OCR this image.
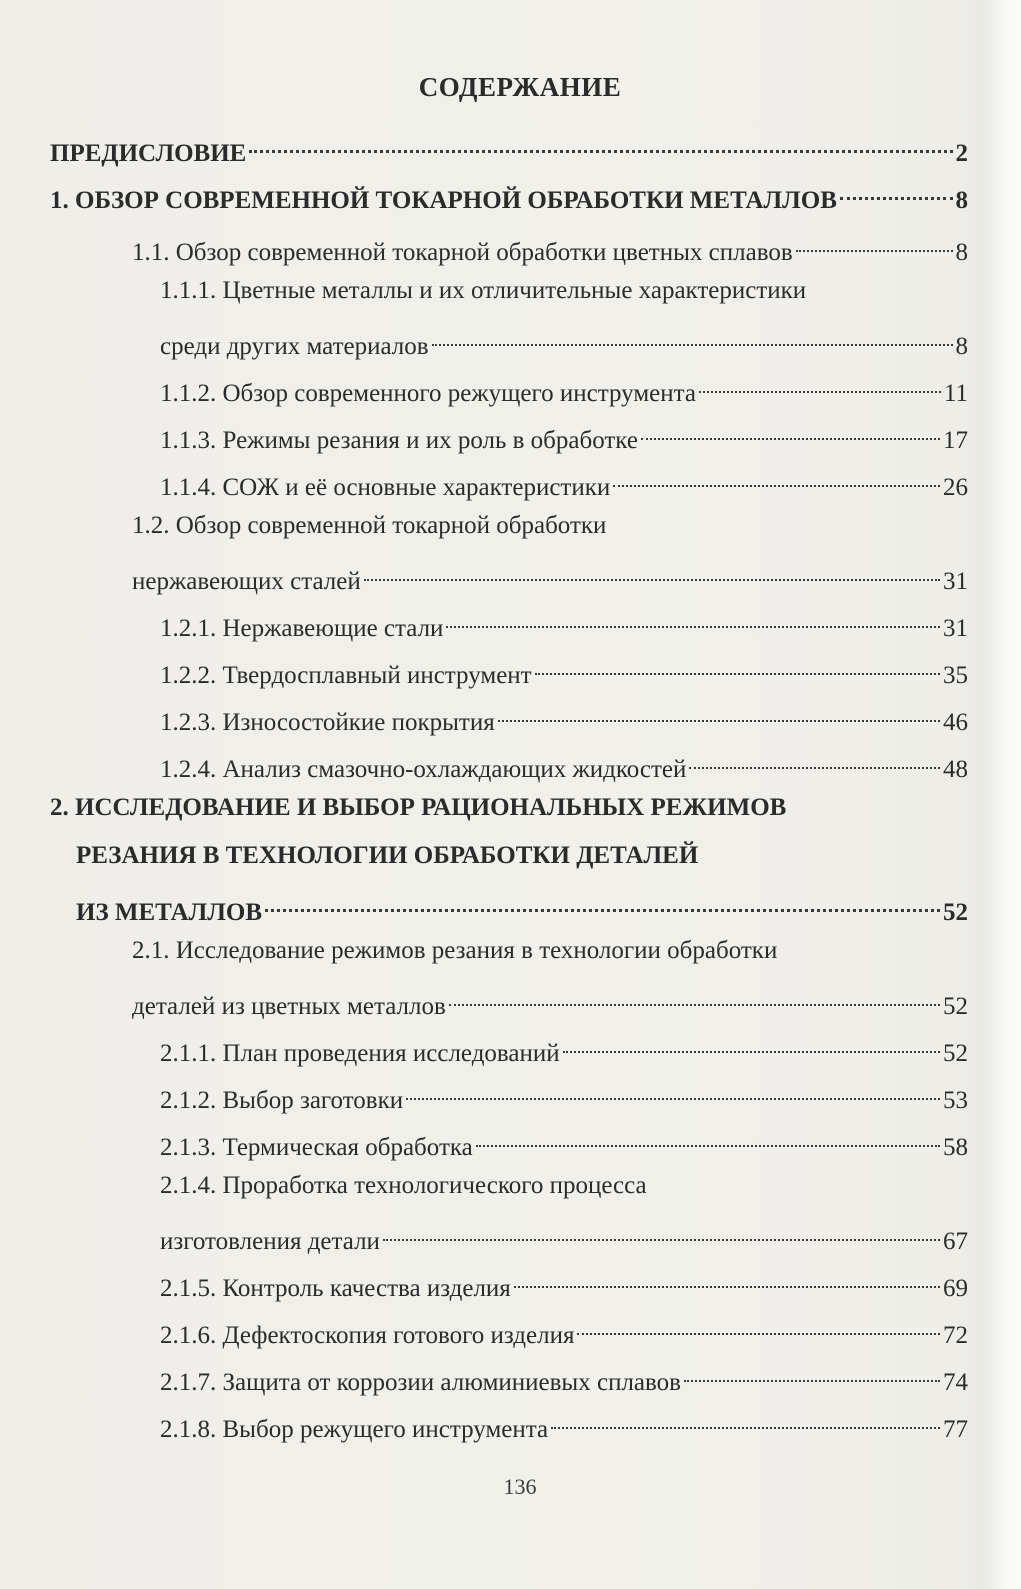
СОДЕРЖАНИЕ
ПРЕДИСЛОВИЕ	2
1. ОБЗОР СОВРЕМЕННОЙ ТОКАРНОЙ ОБРАБОТКИ МЕТАЛЛОВ	8
1.1. Обзор современной токарной обработки цветных сплавов	8
1.1.1. Цветные металлы и их отличительные характеристики
среди других материалов	8
1.1.2. Обзор современного режущего инструмента	11
1.1.3. Режимы резания и их роль в обработке	17
1.1.4. СОЖ и её основные характеристики	26
1.2. Обзор современной токарной обработки
нержавеющих сталей	31
1.2.1. Нержавеющие стали	31
1.2.2. Твердосплавный инструмент	35
1.2.3. Износостойкие покрытия	46
1.2.4. Анализ смазочно-охлаждающих жидкостей	48
2. ИССЛЕДОВАНИЕ И ВЫБОР РАЦИОНАЛЬНЫХ РЕЖИМОВ
РЕЗАНИЯ В ТЕХНОЛОГИИ ОБРАБОТКИ ДЕТАЛЕЙ
ИЗ МЕТАЛЛОВ	52
2.1. Исследование режимов резания в технологии обработки
деталей из цветных металлов	52
2.1.1. План проведения исследований	52
2.1.2. Выбор заготовки	53
2.1.3. Термическая обработка	58
2.1.4. Проработка технологического процесса
изготовления детали	67
2.1.5. Контроль качества изделия	69
2.1.6. Дефектоскопия готового изделия	72
2.1.7. Защита от коррозии алюминиевых сплавов	74
2.1.8. Выбор режущего инструмента	77
136
